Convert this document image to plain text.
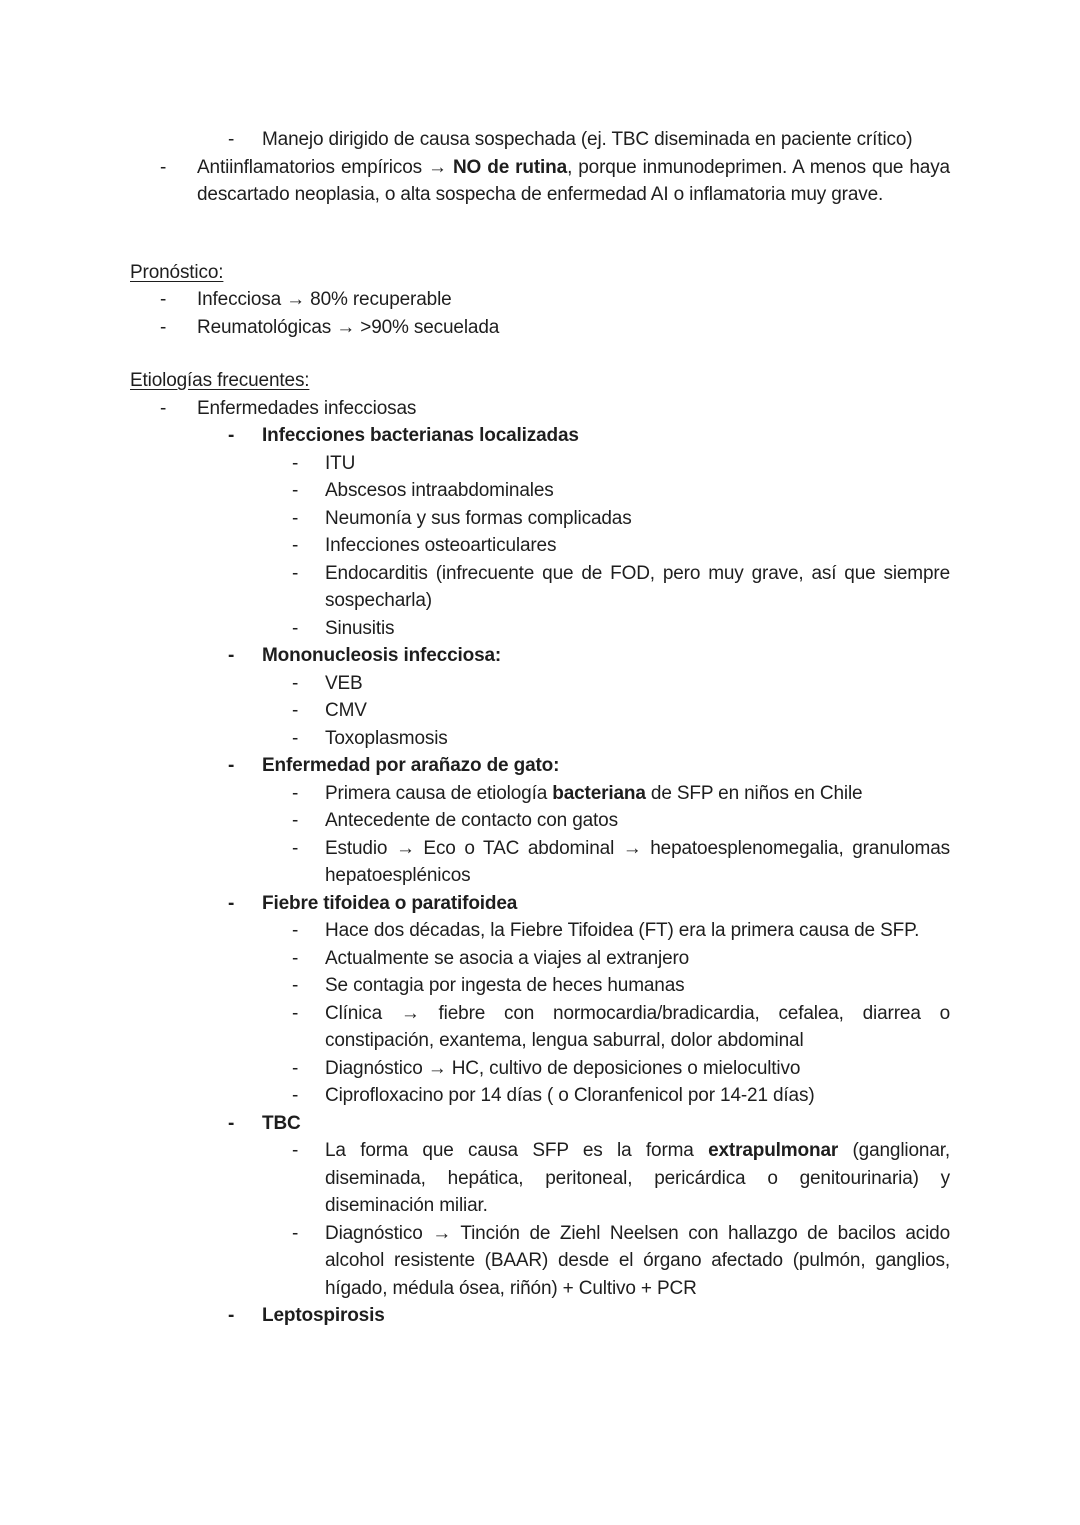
-	Manejo dirigido de causa sospechada (ej. TBC diseminada en paciente crítico)
-	Antiinflamatorios empíricos → NO de rutina, porque inmunodeprimen. A menos que haya descartado neoplasia, o alta sospecha de enfermedad AI o inflamatoria muy grave.
Pronóstico:
-	Infecciosa → 80% recuperable
-	Reumatológicas → >90% secuelada
Etiologías frecuentes:
-	Enfermedades infecciosas
-	Infecciones bacterianas localizadas
-	ITU
-	Abscesos intraabdominales
-	Neumonía y sus formas complicadas
-	Infecciones osteoarticulares
-	Endocarditis (infrecuente que de FOD, pero muy grave, así que siempre sospecharla)
-	Sinusitis
-	Mononucleosis infecciosa:
-	VEB
-	CMV
-	Toxoplasmosis
-	Enfermedad por arañazo de gato:
-	Primera causa de etiología bacteriana de SFP en niños en Chile
-	Antecedente de contacto con gatos
-	Estudio → Eco o TAC abdominal → hepatoesplenomegalia, granulomas hepatoesplénicos
-	Fiebre tifoidea o paratifoidea
-	Hace dos décadas, la Fiebre Tifoidea (FT) era la primera causa de SFP.
-	Actualmente se asocia a viajes al extranjero
-	Se contagia por ingesta de heces humanas
-	Clínica → fiebre con normocardia/bradicardia, cefalea, diarrea o constipación, exantema, lengua saburral, dolor abdominal
-	Diagnóstico → HC, cultivo de deposiciones o mielocultivo
-	Ciprofloxacino por 14 días ( o Cloranfenicol por 14-21 días)
-	TBC
-	La forma que causa SFP es la forma extrapulmonar (ganglionar, diseminada, hepática, peritoneal, pericárdica o genitourinaria) y diseminación miliar.
-	Diagnóstico → Tinción de Ziehl Neelsen con hallazgo de bacilos acido alcohol resistente (BAAR) desde el órgano afectado (pulmón, ganglios, hígado, médula ósea, riñón) + Cultivo + PCR
-	Leptospirosis
